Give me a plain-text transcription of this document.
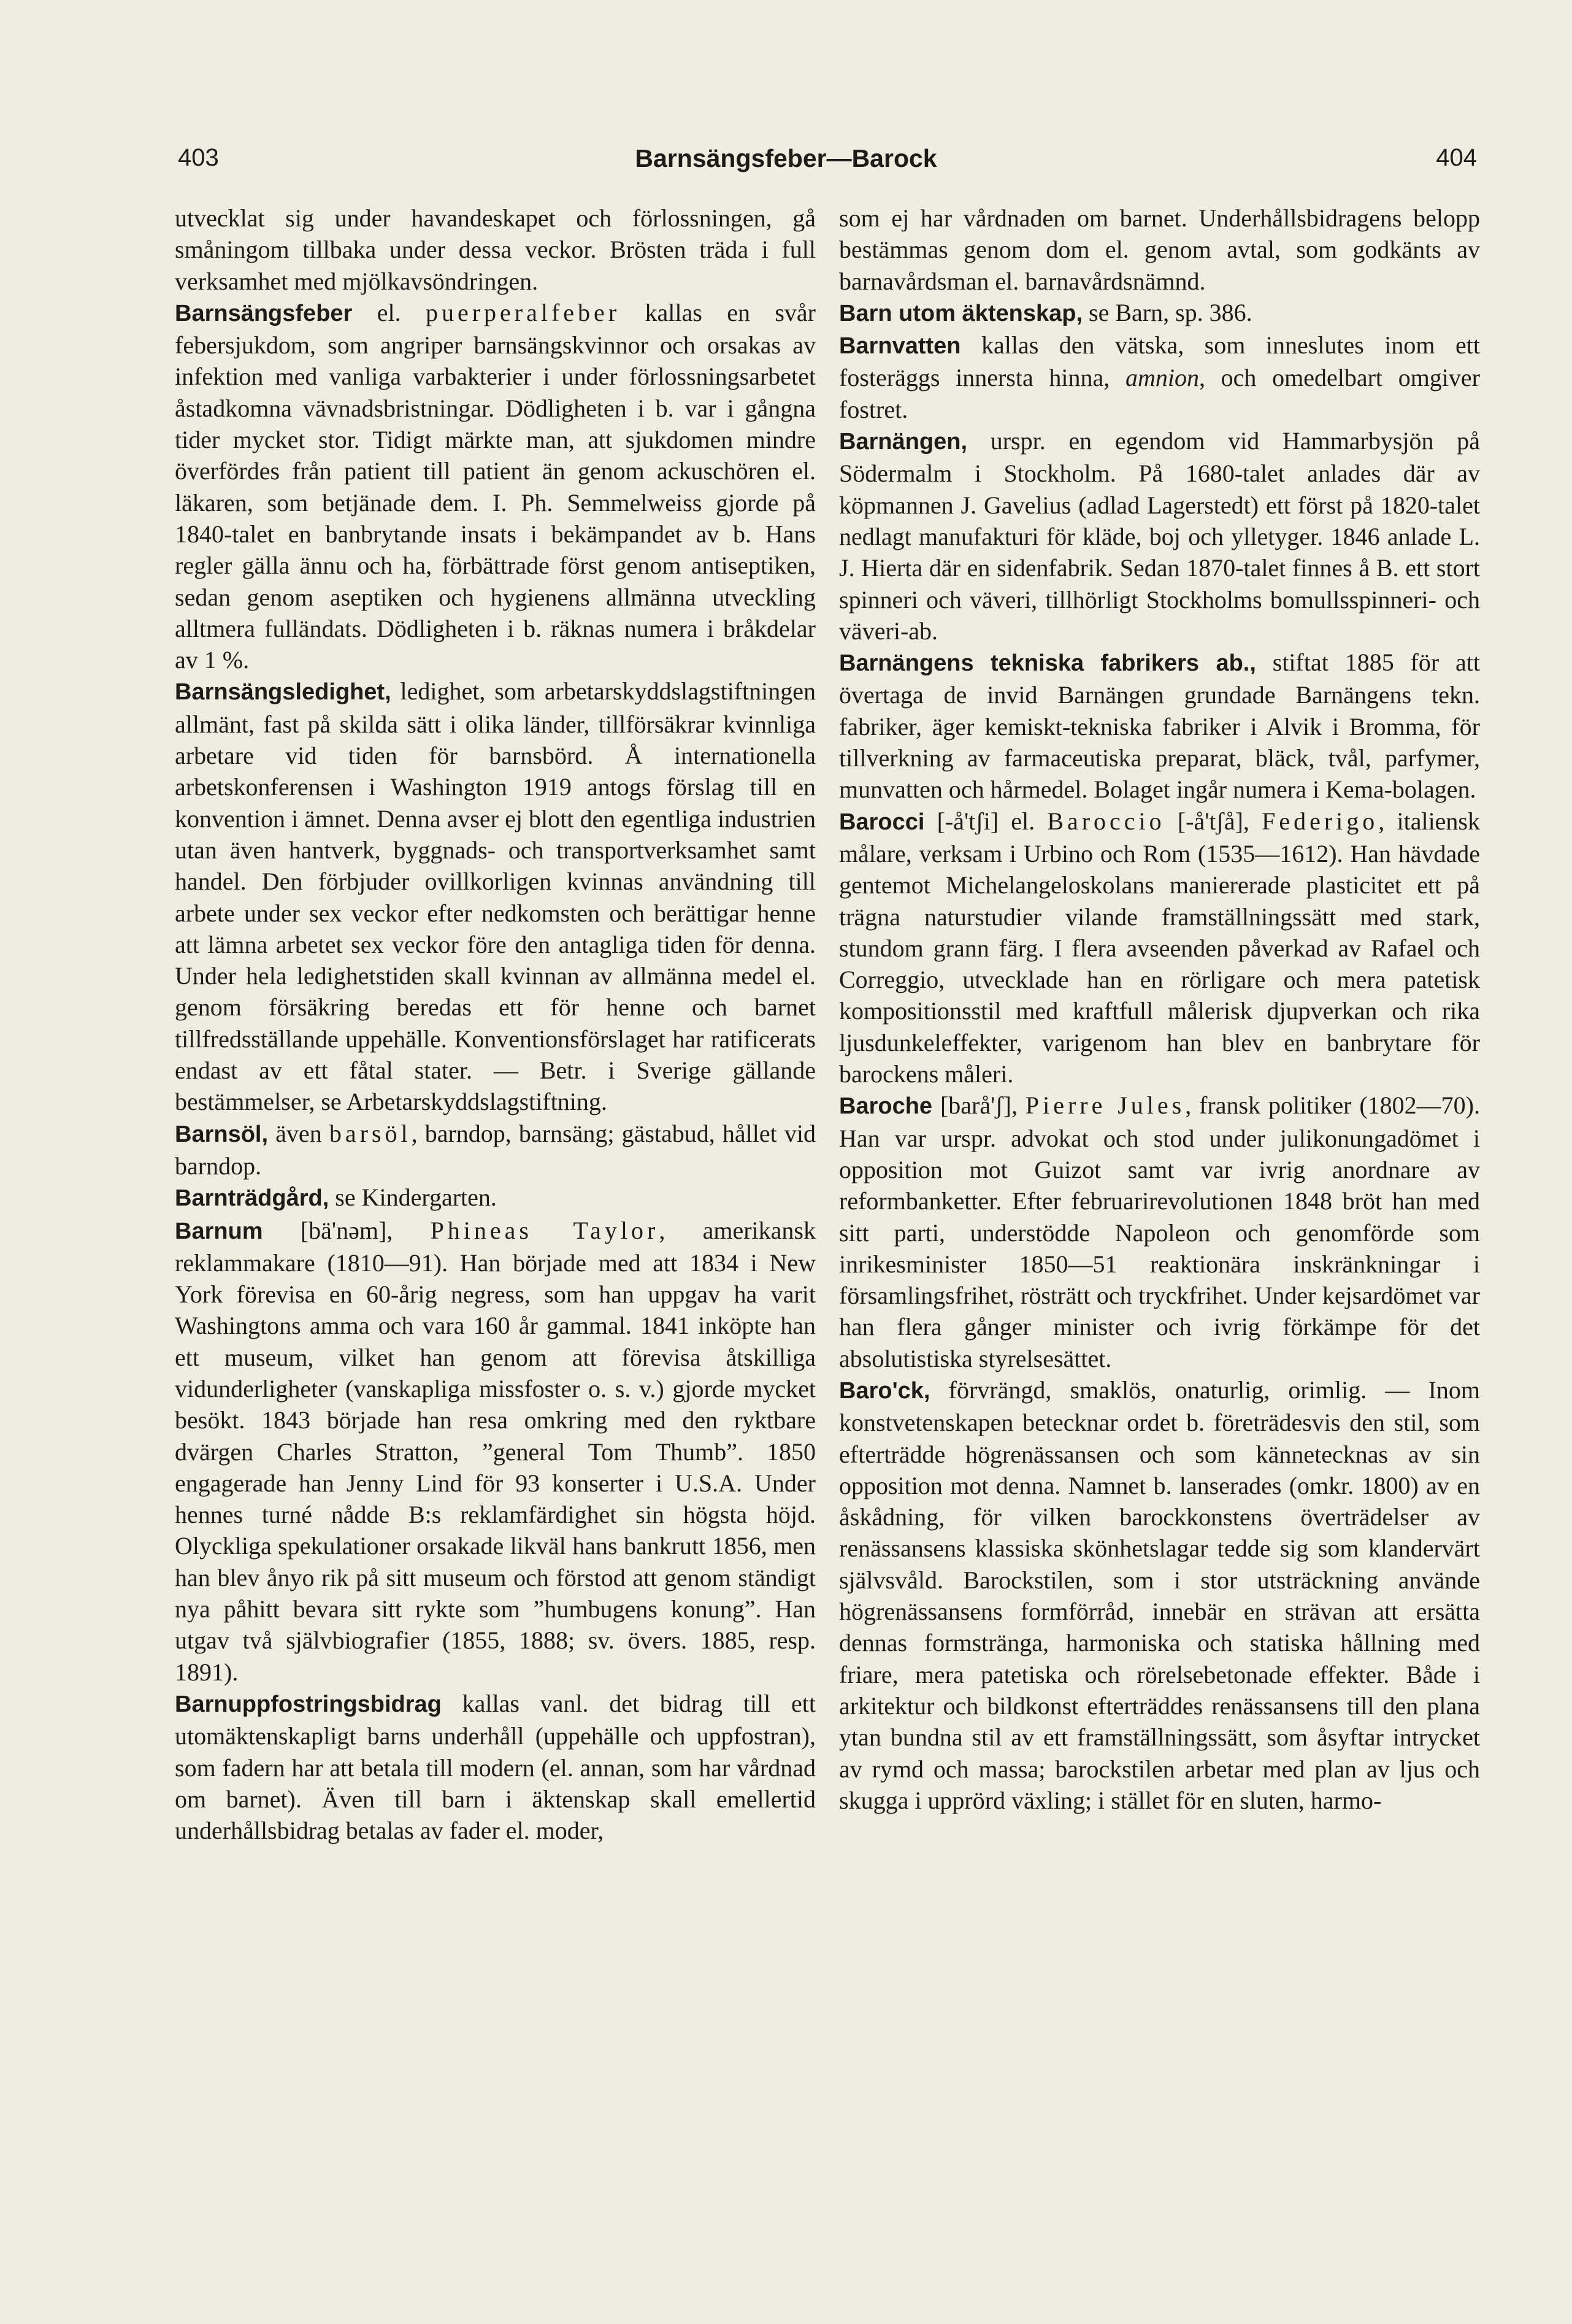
403	Barnsängsfeber—Barock	404

utvecklat sig under havandeskapet och förlossningen, gå småningom tillbaka under dessa veckor. Brösten träda i full verksamhet med mjölkavsöndringen.

Barnsängsfeber el. puerperalfeber kallas en svår febersjukdom, som angriper barnsängskvinnor och orsakas av infektion med vanliga varbakterier i under förlossningsarbetet åstadkomna vävnadsbristningar. Dödligheten i b. var i gångna tider mycket stor. Tidigt märkte man, att sjukdomen mindre överfördes från patient till patient än genom ackuschören el. läkaren, som betjänade dem. I. Ph. Semmelweiss gjorde på 1840-talet en banbrytande insats i bekämpandet av b. Hans regler gälla ännu och ha, förbättrade först genom antiseptiken, sedan genom aseptiken och hygienens allmänna utveckling alltmera fulländats. Dödligheten i b. räknas numera i bråkdelar av 1 %.

Barnsängsledighet, ledighet, som arbetarskyddslagstiftningen allmänt, fast på skilda sätt i olika länder, tillförsäkrar kvinnliga arbetare vid tiden för barnsbörd. Å internationella arbetskonferensen i Washington 1919 antogs förslag till en konvention i ämnet. Denna avser ej blott den egentliga industrien utan även hantverk, byggnads- och transportverksamhet samt handel. Den förbjuder ovillkorligen kvinnas användning till arbete under sex veckor efter nedkomsten och berättigar henne att lämna arbetet sex veckor före den antagliga tiden för denna. Under hela ledighetstiden skall kvinnan av allmänna medel el. genom försäkring beredas ett för henne och barnet tillfredsställande uppehälle. Konventionsförslaget har ratificerats endast av ett fåtal stater. — Betr. i Sverige gällande bestämmelser, se Arbetarskyddslagstiftning.

Barnsöl, även barsöl, barndop, barnsäng; gästabud, hållet vid barndop.

Barnträdgård, se Kindergarten.

Barnum [bä'nəm], Phineas Taylor, amerikansk reklammakare (1810—91). Han började med att 1834 i New York förevisa en 60-årig negress, som han uppgav ha varit Washingtons amma och vara 160 år gammal. 1841 inköpte han ett museum, vilket han genom att förevisa åtskilliga vidunderligheter (vanskapliga missfoster o. s. v.) gjorde mycket besökt. 1843 började han resa omkring med den ryktbare dvärgen Charles Stratton, ”general Tom Thumb”. 1850 engagerade han Jenny Lind för 93 konserter i U.S.A. Under hennes turné nådde B:s reklamfärdighet sin högsta höjd. Olyckliga spekulationer orsakade likväl hans bankrutt 1856, men han blev ånyo rik på sitt museum och förstod att genom ständigt nya påhitt bevara sitt rykte som ”humbugens konung”. Han utgav två självbiografier (1855, 1888; sv. övers. 1885, resp. 1891).

Barnuppfostringsbidrag kallas vanl. det bidrag till ett utomäktenskapligt barns underhåll (uppehälle och uppfostran), som fadern har att betala till modern (el. annan, som har vårdnad om barnet). Även till barn i äktenskap skall emellertid underhållsbidrag betalas av fader el. moder,

som ej har vårdnaden om barnet. Underhållsbidragens belopp bestämmas genom dom el. genom avtal, som godkänts av barnavårdsman el. barnavårdsnämnd.

Barn utom äktenskap, se Barn, sp. 386.

Barnvatten kallas den vätska, som inneslutes inom ett fosteräggs innersta hinna, amnion, och omedelbart omgiver fostret.

Barnängen, urspr. en egendom vid Hammarbysjön på Södermalm i Stockholm. På 1680-talet anlades där av köpmannen J. Gavelius (adlad Lagerstedt) ett först på 1820-talet nedlagt manufakturi för kläde, boj och ylletyger. 1846 anlade L. J. Hierta där en sidenfabrik. Sedan 1870-talet finnes å B. ett stort spinneri och väveri, tillhörligt Stockholms bomullsspinneri- och väveri-ab.

Barnängens tekniska fabrikers ab., stiftat 1885 för att övertaga de invid Barnängen grundade Barnängens tekn. fabriker, äger kemiskt-tekniska fabriker i Alvik i Bromma, för tillverkning av farmaceutiska preparat, bläck, tvål, parfymer, munvatten och hårmedel. Bolaget ingår numera i Kema-bolagen.

Barocci [-å'tʃi] el. Baroccio [-å'tʃå], Federigo, italiensk målare, verksam i Urbino och Rom (1535—1612). Han hävdade gentemot Michelangeloskolans maniererade plasticitet ett på trägna naturstudier vilande framställningssätt med stark, stundom grann färg. I flera avseenden påverkad av Rafael och Correggio, utvecklade han en rörligare och mera patetisk kompositionsstil med kraftfull målerisk djupverkan och rika ljusdunkeleffekter, varigenom han blev en banbrytare för barockens måleri.

Baroche [barå'ʃ], Pierre Jules, fransk politiker (1802—70). Han var urspr. advokat och stod under julikonungadömet i opposition mot Guizot samt var ivrig anordnare av reformbanketter. Efter februarirevolutionen 1848 bröt han med sitt parti, understödde Napoleon och genomförde som inrikesminister 1850—51 reaktionära inskränkningar i församlingsfrihet, rösträtt och tryckfrihet. Under kejsardömet var han flera gånger minister och ivrig förkämpe för det absolutistiska styrelsesättet.

Baro'ck, förvrängd, smaklös, onaturlig, orimlig. — Inom konstvetenskapen betecknar ordet b. företrädesvis den stil, som efterträdde högrenässansen och som kännetecknas av sin opposition mot denna. Namnet b. lanserades (omkr. 1800) av en åskådning, för vilken barockkonstens överträdelser av renässansens klassiska skönhetslagar tedde sig som klandervärt självsvåld. Barockstilen, som i stor utsträckning använde högrenässansens formförråd, innebär en strävan att ersätta dennas formstränga, harmoniska och statiska hållning med friare, mera patetiska och rörelsebetonade effekter. Både i arkitektur och bildkonst efterträddes renässansens till den plana ytan bundna stil av ett framställningssätt, som åsyftar intrycket av rymd och massa; barockstilen arbetar med plan av ljus och skugga i upprörd växling; i stället för en sluten, harmo-
